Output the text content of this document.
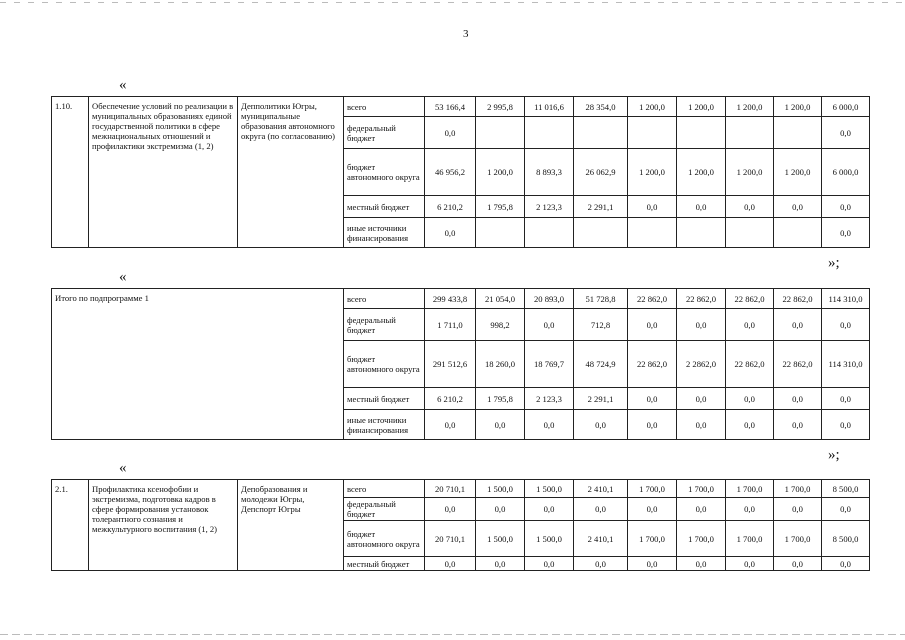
3
«
1.10.	Обеспечение условий по реализации в муниципальных образованиях единой государственной политики в сфере межнациональных отношений и профилактики экстремизма (1, 2)	Депполитики Югры, муниципальные образования автономного округа (по согласованию)	всего	53 166,4	2 995,8	11 016,6	28 354,0	1 200,0	1 200,0	1 200,0	1 200,0	6 000,0
			федеральный бюджет	0,0								0,0
			бюджет автономного округа	46 956,2	1 200,0	8 893,3	26 062,9	1 200,0	1 200,0	1 200,0	1 200,0	6 000,0
			местный бюджет	6 210,2	1 795,8	2 123,3	2 291,1	0,0	0,0	0,0	0,0	0,0
			иные источники финансирования	0,0								0,0
«
»;
Итого по подпрограмме 1	всего	299 433,8	21 054,0	20 893,0	51 728,8	22 862,0	22 862,0	22 862,0	22 862,0	114 310,0
	федеральный бюджет	1 711,0	998,2	0,0	712,8	0,0	0,0	0,0	0,0	0,0
	бюджет автономного округа	291 512,6	18 260,0	18 769,7	48 724,9	22 862,0	2 2862,0	22 862,0	22 862,0	114 310,0
	местный бюджет	6 210,2	1 795,8	2 123,3	2 291,1	0,0	0,0	0,0	0,0	0,0
	иные источники финансирования	0,0	0,0	0,0	0,0	0,0	0,0	0,0	0,0	0,0
«
»;
2.1.	Профилактика ксенофобии и экстремизма, подготовка кадров в сфере формирования установок толерантного сознания и межкультурного воспитания (1, 2)	Депобразования и молодежи Югры, Депспорт Югры	всего	20 710,1	1 500,0	1 500,0	2 410,1	1 700,0	1 700,0	1 700,0	1 700,0	8 500,0
			федеральный бюджет	0,0	0,0	0,0	0,0	0,0	0,0	0,0	0,0	0,0
			бюджет автономного округа	20 710,1	1 500,0	1 500,0	2 410,1	1 700,0	1 700,0	1 700,0	1 700,0	8 500,0
			местный бюджет	0,0	0,0	0,0	0,0	0,0	0,0	0,0	0,0	0,0
